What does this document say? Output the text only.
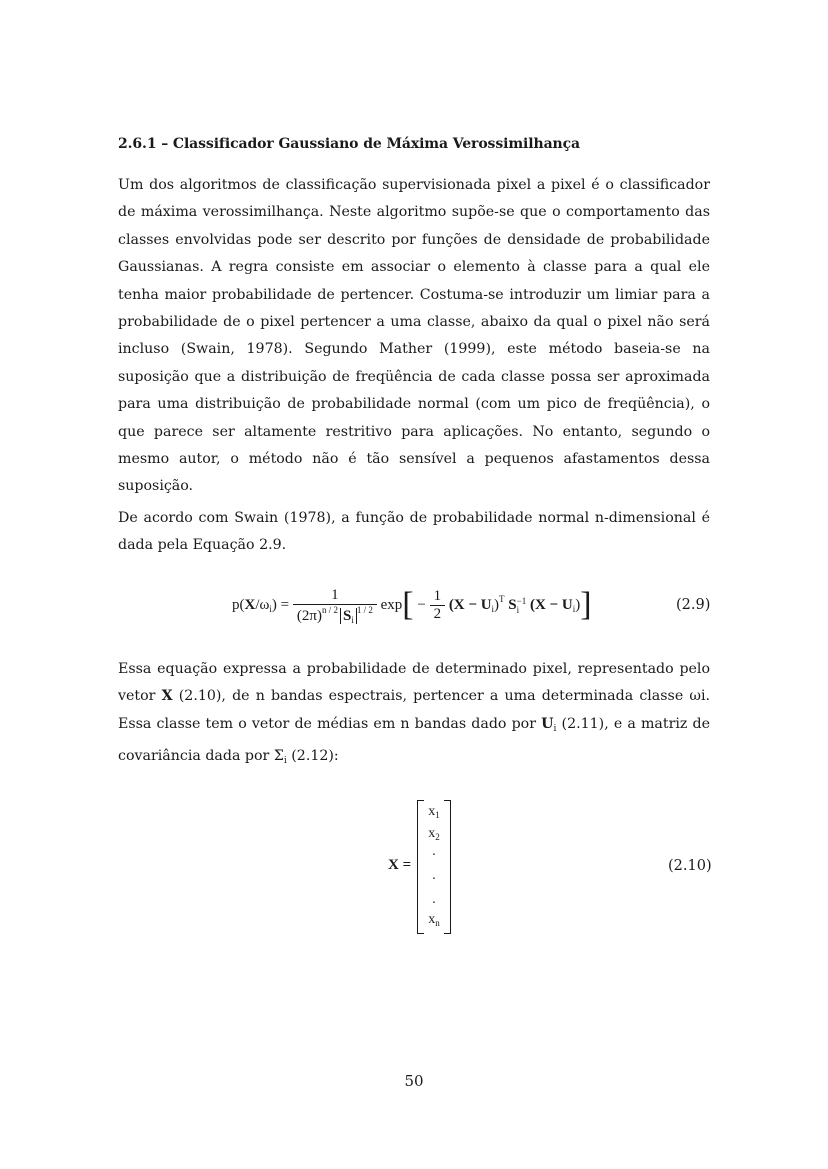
2.6.1 – Classificador Gaussiano de Máxima Verossimilhança

Um dos algoritmos de classificação supervisionada pixel a pixel é o classificador de máxima verossimilhança. Neste algoritmo supõe-se que o comportamento das classes envolvidas pode ser descrito por funções de densidade de probabilidade Gaussianas. A regra consiste em associar o elemento à classe para a qual ele tenha maior probabilidade de pertencer. Costuma-se introduzir um limiar para a probabilidade de o pixel pertencer a uma classe, abaixo da qual o pixel não será incluso (Swain, 1978). Segundo Mather (1999), este método baseia-se na suposição que a distribuição de freqüência de cada classe possa ser aproximada para uma distribuição de probabilidade normal (com um pico de freqüência), o que parece ser altamente restritivo para aplicações. No entanto, segundo o mesmo autor, o método não é tão sensível a pequenos afastamentos dessa suposição.

De acordo com Swain (1978), a função de probabilidade normal n-dimensional é dada pela Equação 2.9.

$p(X/\omega_i) = \frac{1}{(2\pi)^{n / 2} S_i^{1 / 2}} \exp[ - \frac{1}{2} (X - U_i)^T$ S −1
i $(X - U_i)$]	(2.9)

Essa equação expressa a probabilidade de determinado pixel, representado pelo vetor X (2.10), de n bandas espectrais, pertencer a uma determinada classe ωi. Essa classe tem o vetor de médias em n bandas dado por $U_i$ (2.11), e a matriz de covariância dada por $\Sigma_i$ (2.12):

X =
$x_1$
$x_2$
.
.
.
$x_n$
(2.10)
50
